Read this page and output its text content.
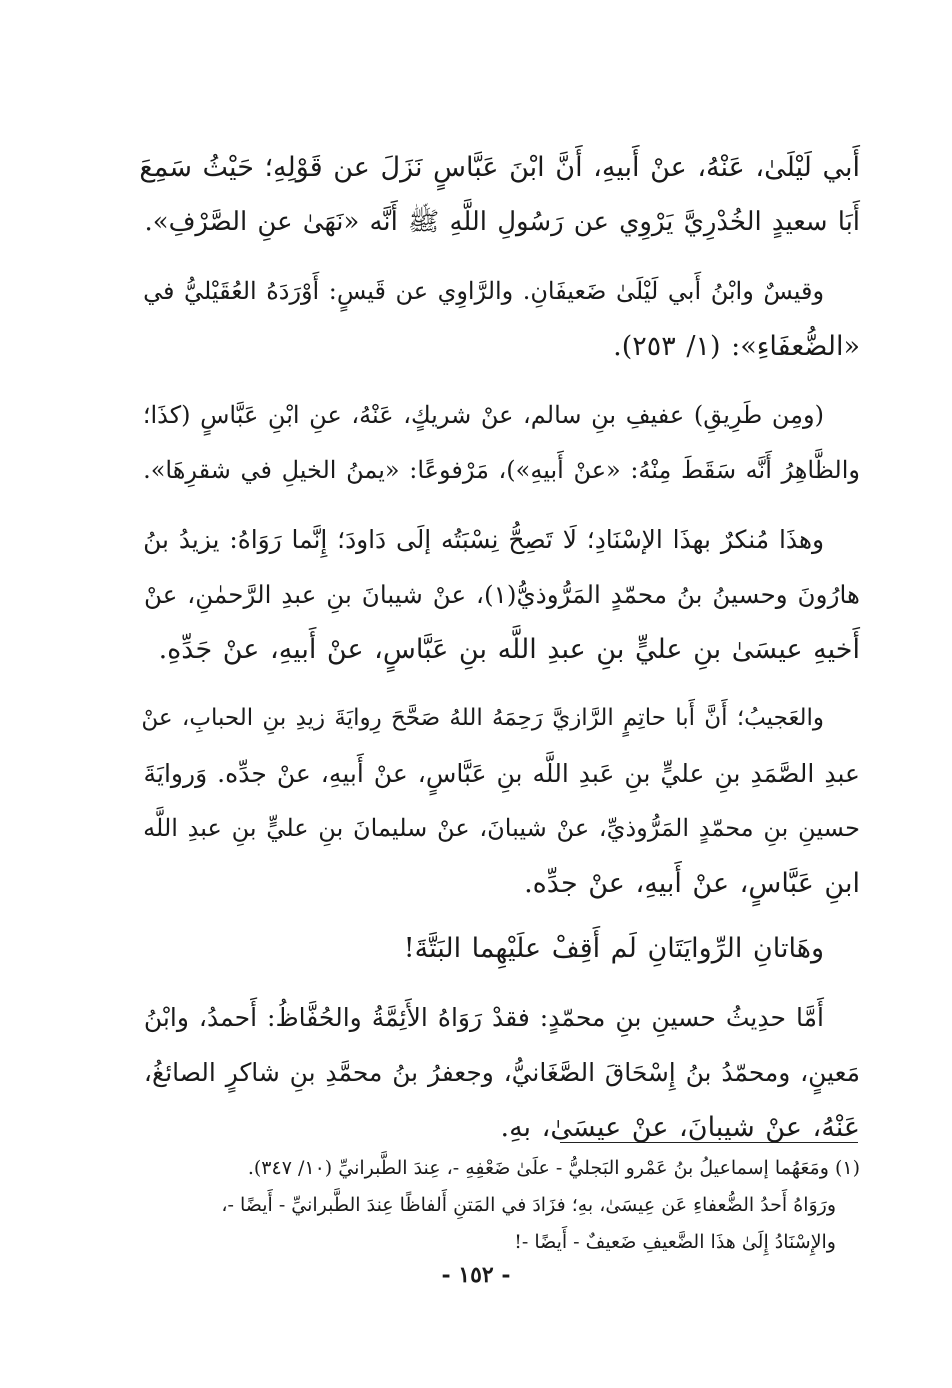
أَبي لَيْلَىٰ، عَنْهُ، عنْ أَبيهِ، أَنَّ ابْنَ عَبَّاسٍ نَزَلَ عن قَوْلِهِ؛ حَيْثُ سَمِعَ
أَبَا سعيدٍ الخُدْرِيَّ يَرْوِي عن رَسُولِ اللَّهِ ﷺ أَنَّه «نَهَىٰ عنِ الصَّرْفِ».
وقيسٌ وابْنُ أَبي لَيْلَىٰ ضَعيفَانِ. والرَّاوِي عن قَيسٍ: أَوْرَدَهُ العُقَيْليُّ في
«الضُّعفَاءِ»: (١/ ٢٥٣).
(ومِن طَرِيقِ) عفيفِ بنِ سالم، عنْ شريكٍ، عَنْهُ، عنِ ابْنِ عَبَّاسٍ (كذَا؛
والظَّاهِرُ أَنَّه سَقَطَ مِنْهُ: «عنْ أَبيهِ»)، مَرْفوعًا: «يمنُ الخيلِ في شقرِهَا».
وهذَا مُنكرٌ بهذَا الإسْنَادِ؛ لَا تَصِحُّ نِسْبَتُه إلَى دَاودَ؛ إِنَّما رَوَاهُ: يزيدُ بنُ
هارُونَ وحسينُ بنُ محمّدٍ المَرُّوذيُّ(١)، عنْ شيبانَ بنِ عبدِ الرَّحمٰنِ، عنْ
أَخيهِ عيسَىٰ بنِ عليٍّ بنِ عبدِ اللَّه بنِ عَبَّاسٍ، عنْ أَبيهِ، عنْ جَدِّهِ.
والعَجيبُ؛ أَنَّ أَبا حاتِمٍ الرَّازيَّ رَحِمَهُ اللهُ صَحَّحَ رِوايَةَ زيدِ بنِ الحبابِ، عنْ
عبدِ الصَّمَدِ بنِ عليٍّ بنِ عَبدِ اللَّه بنِ عَبَّاسٍ، عنْ أَبيهِ، عنْ جدِّه. وَروايَةَ
حسينِ بنِ محمّدٍ المَرُّوذيِّ، عنْ شيبانَ، عنْ سليمانَ بنِ عليٍّ بنِ عبدِ اللَّه
ابنِ عَبَّاسٍ، عنْ أَبيهِ، عنْ جدِّه.
وهَاتانِ الرِّوايَتَانِ لَم أَقِفْ علَيْهِما البَتَّةَ!
أَمَّا حدِيثُ حسينِ بنِ محمّدٍ: فقدْ رَوَاهُ الأَئِمَّةُ والحُفَّاظُ: أَحمدُ، وابْنُ
مَعينٍ، ومحمّدُ بنُ إِسْحَاقَ الصَّغَانيُّ، وجعفرُ بنُ محمَّدِ بنِ شاكرٍ الصائغُ،
عَنْهُ، عنْ شيبانَ، عنْ عيسَىٰ، بهِ.
(١) ومَعَهُما إسماعيلُ بنُ عَمْرو البَجليُّ - علَىٰ ضَعْفِهِ -، عِندَ الطَّبرانيِّ (١٠/ ٣٤٧).
ورَوَاهُ أَحدُ الضُّعفاءِ عَن عِيسَىٰ، بهِ؛ فزَادَ في المَتنِ أَلفاظًا عِندَ الطَّبرانيِّ - أَيضًا -،
والإِسْنَادُ إِلَىٰ هذَا الضَّعيفِ ضَعيفٌ - أَيضًا -!
- ١٥٢ -
